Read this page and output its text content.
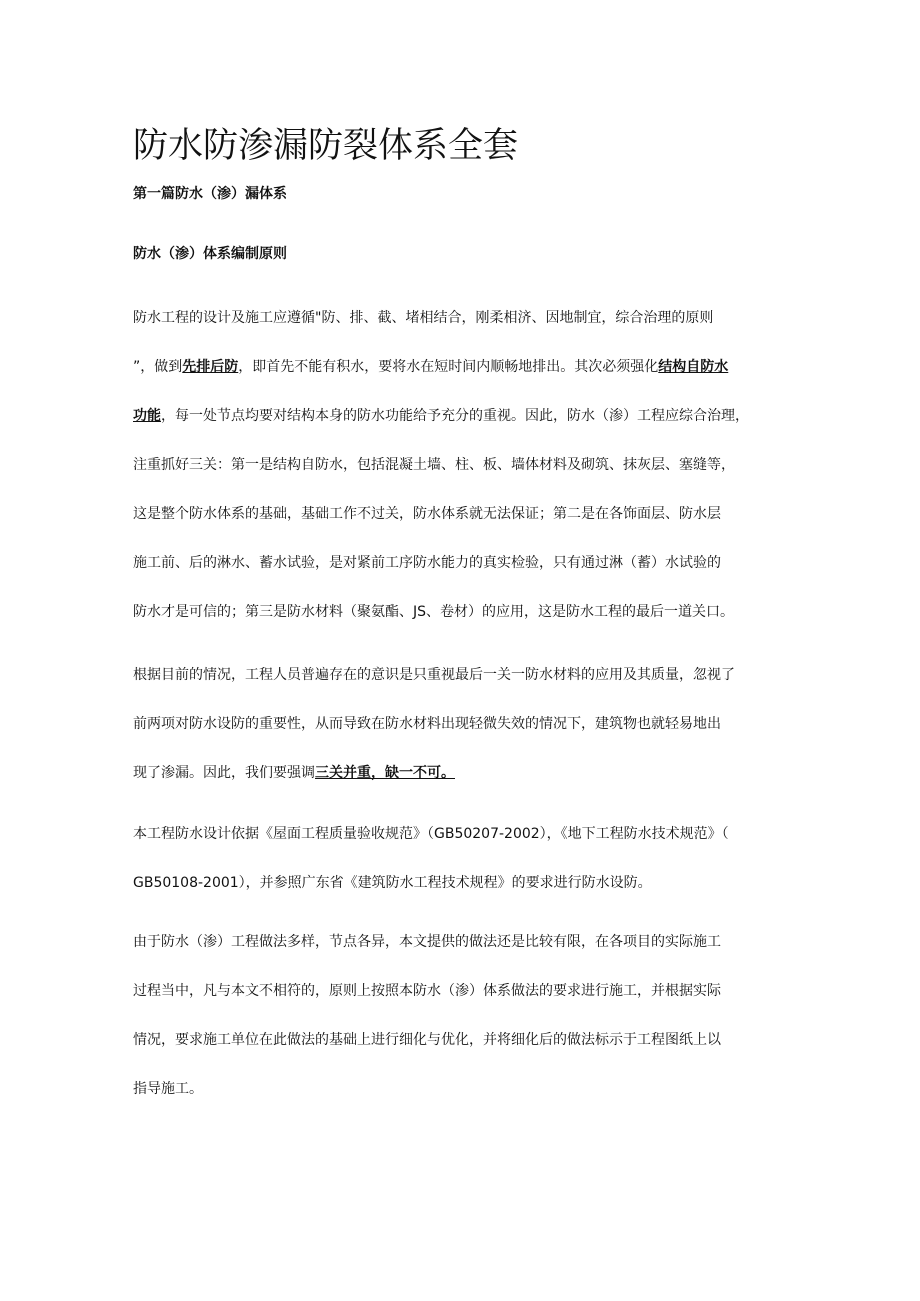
防水防渗漏防裂体系全套
第一篇防水（渗）漏体系
防水（渗）体系编制原则

防水工程的设计及施工应遵循"防、排、截、堵相结合，刚柔相济、因地制宜，综合治理的原则
”，做到先排后防，即首先不能有积水，要将水在短时间内顺畅地排出。其次必须强化结构自防水
功能，每一处节点均要对结构本身的防水功能给予充分的重视。因此，防水（渗）工程应综合治理，
注重抓好三关：第一是结构自防水，包括混凝土墙、柱、板、墙体材料及砌筑、抹灰层、塞缝等，
这是整个防水体系的基础，基础工作不过关，防水体系就无法保证；第二是在各饰面层、防水层
施工前、后的淋水、蓄水试验，是对紧前工序防水能力的真实检验，只有通过淋（蓄）水试验的
防水才是可信的；第三是防水材料（聚氨酯、JS、卷材）的应用，这是防水工程的最后一道关口。

根据目前的情况，工程人员普遍存在的意识是只重视最后一关一防水材料的应用及其质量，忽视了
前两项对防水设防的重要性，从而导致在防水材料出现轻微失效的情况下，建筑物也就轻易地出
现了渗漏。因此，我们要强调三关并重，缺一不可。

本工程防水设计依据《屋面工程质量验收规范》（GB50207-2002），《地下工程防水技术规范》（
GB50108-2001），并参照广东省《建筑防水工程技术规程》的要求进行防水设防。

由于防水（渗）工程做法多样，节点各异，本文提供的做法还是比较有限，在各项目的实际施工
过程当中，凡与本文不相符的，原则上按照本防水（渗）体系做法的要求进行施工，并根据实际
情况，要求施工单位在此做法的基础上进行细化与优化，并将细化后的做法标示于工程图纸上以
指导施工。
